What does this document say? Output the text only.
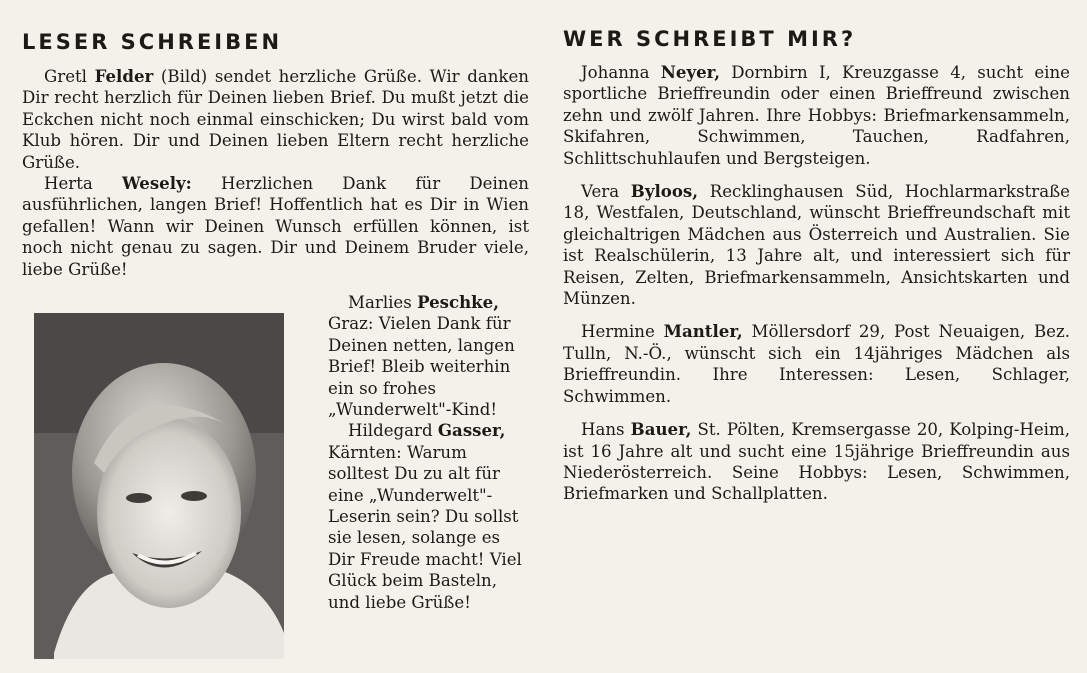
LESER SCHREIBEN	WER SCHREIBT MIR?

Gretl Felder (Bild) sendet herzliche Grüße. Wir danken Dir recht herzlich für Deinen lieben Brief. Du mußt jetzt die Eckchen nicht noch einmal einschicken; Du wirst bald vom Klub hören. Dir und Deinen lieben Eltern recht herzliche Grüße.

Herta Wesely: Herzlichen Dank für Deinen ausführlichen, langen Brief! Hoffentlich hat es Dir in Wien gefallen! Wann wir Deinen Wunsch erfüllen können, ist noch nicht genau zu sagen. Dir und Deinem Bruder viele, liebe Grüße!

Marlies Peschke, Graz: Vielen Dank für Deinen netten, langen Brief! Bleib weiterhin ein so frohes „Wunderwelt"-Kind!

Hildegard Gasser, Kärnten: Warum solltest Du zu alt für eine „Wunderwelt"-Leserin sein? Du sollst sie lesen, solange es Dir Freude macht! Viel Glück beim Basteln, und liebe Grüße!

Johanna Neyer, Dornbirn I, Kreuzgasse 4, sucht eine sportliche Brieffreundin oder einen Brieffreund zwischen zehn und zwölf Jahren. Ihre Hobbys: Briefmarkensammeln, Skifahren, Schwimmen, Tauchen, Radfahren, Schlittschuhlaufen und Bergsteigen.

Vera Byloos, Recklinghausen Süd, Hochlarmarkstraße 18, Westfalen, Deutschland, wünscht Brieffreundschaft mit gleichaltrigen Mädchen aus Österreich und Australien. Sie ist Realschülerin, 13 Jahre alt, und interessiert sich für Reisen, Zelten, Briefmarkensammeln, Ansichtskarten und Münzen.

Hermine Mantler, Möllersdorf 29, Post Neuaigen, Bez. Tulln, N.-Ö., wünscht sich ein 14jähriges Mädchen als Brieffreundin. Ihre Interessen: Lesen, Schlager, Schwimmen.

Hans Bauer, St. Pölten, Kremsergasse 20, Kolping-Heim, ist 16 Jahre alt und sucht eine 15jährige Brieffreundin aus Niederösterreich. Seine Hobbys: Lesen, Schwimmen, Briefmarken und Schallplatten.
